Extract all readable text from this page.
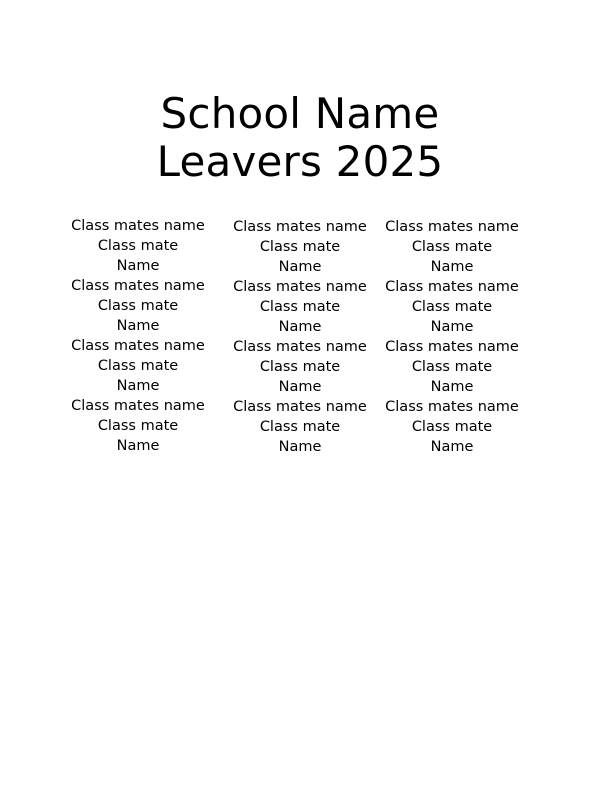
School Name
Leavers 2025
Class mates name
Class mate
Name
Class mates name
Class mate
Name
Class mates name
Class mate
Name
Class mates name
Class mate
Name
Class mates name
Class mate
Name
Class mates name
Class mate
Name
Class mates name
Class mate
Name
Class mates name
Class mate
Name
Class mates name
Class mate
Name
Class mates name
Class mate
Name
Class mates name
Class mate
Name
Class mates name
Class mate
Name
